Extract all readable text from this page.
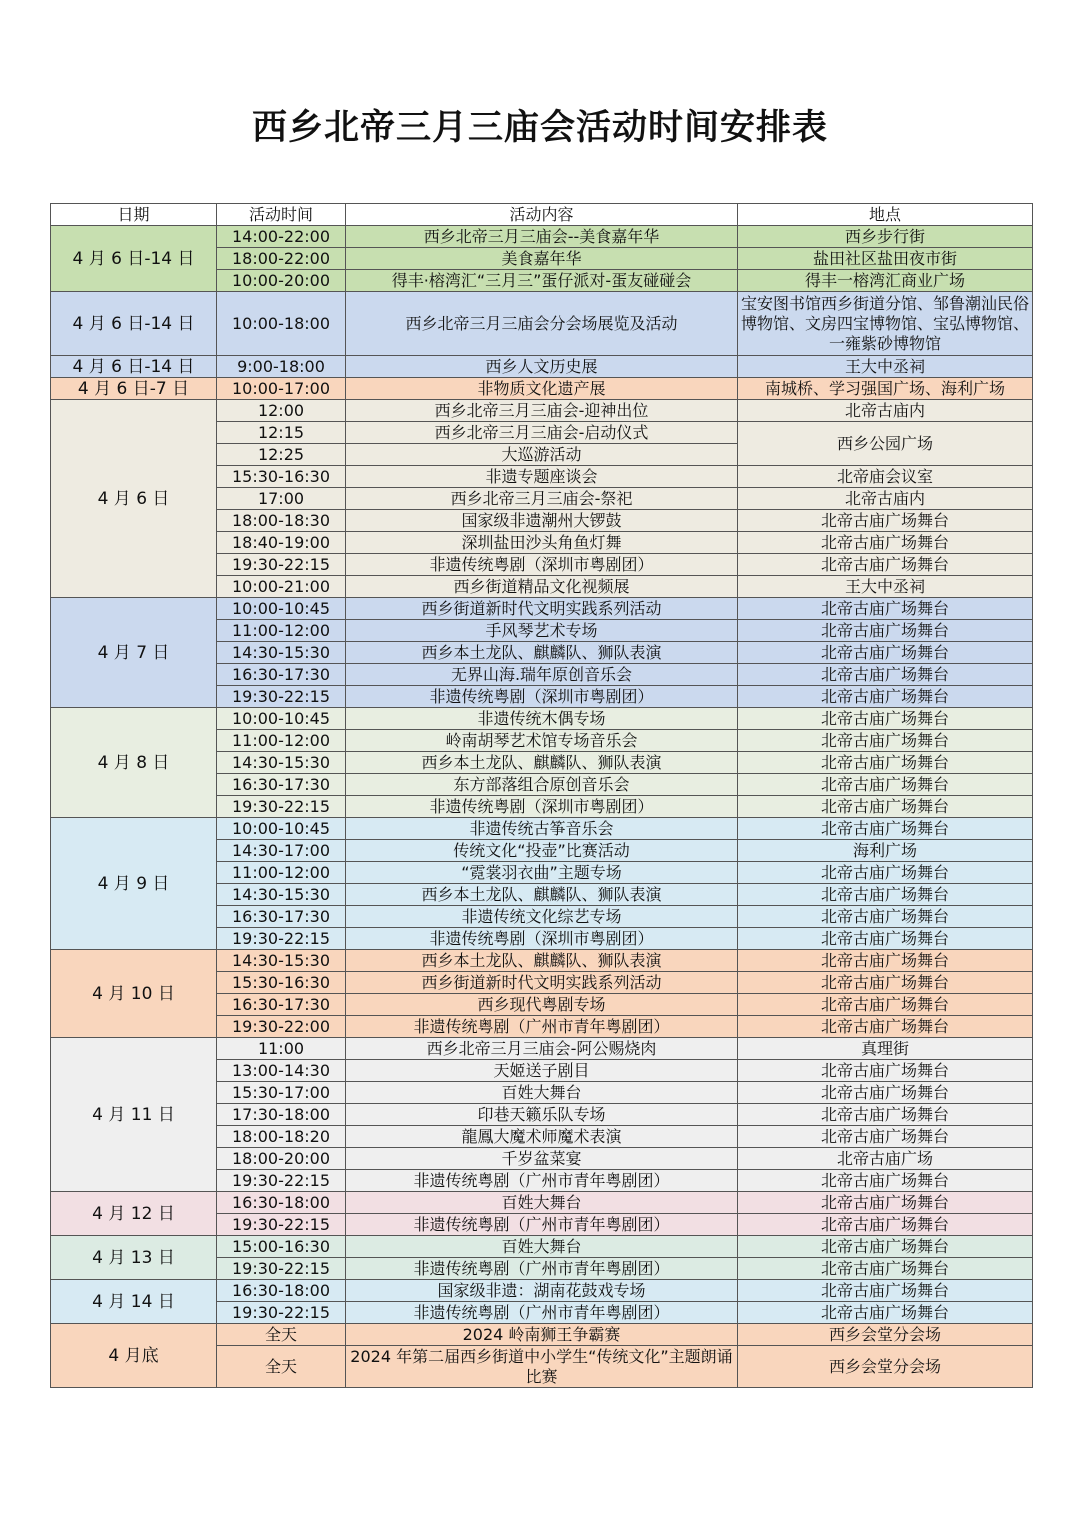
西乡北帝三月三庙会活动时间安排表
日期	活动时间	活动内容	地点
4 月 6 日-14 日	14:00-22:00	西乡北帝三月三庙会--美食嘉年华	西乡步行街
	18:00-22:00	美食嘉年华	盐田社区盐田夜市街
	10:00-20:00	得丰·榕湾汇“三月三”蛋仔派对-蛋友碰碰会	得丰一榕湾汇商业广场
4 月 6 日-14 日	10:00-18:00	西乡北帝三月三庙会分会场展览及活动	宝安图书馆西乡街道分馆、邹鲁潮汕民俗博物馆、文房四宝博物馆、宝弘博物馆、一雍紫砂博物馆
4 月 6 日-14 日	9:00-18:00	西乡人文历史展	王大中丞祠
4 月 6 日-7 日	10:00-17:00	非物质文化遗产展	南城桥、学习强国广场、海利广场
4 月 6 日	12:00	西乡北帝三月三庙会-迎神出位	北帝古庙内
	12:15	西乡北帝三月三庙会-启动仪式	西乡公园广场
	12:25	大巡游活动	
	15:30-16:30	非遗专题座谈会	北帝庙会议室
	17:00	西乡北帝三月三庙会-祭祀	北帝古庙内
	18:00-18:30	国家级非遗潮州大锣鼓	北帝古庙广场舞台
	18:40-19:00	深圳盐田沙头角鱼灯舞	北帝古庙广场舞台
	19:30-22:15	非遗传统粤剧（深圳市粤剧团）	北帝古庙广场舞台
	10:00-21:00	西乡街道精品文化视频展	王大中丞祠
4 月 7 日	10:00-10:45	西乡街道新时代文明实践系列活动	北帝古庙广场舞台
	11:00-12:00	手风琴艺术专场	北帝古庙广场舞台
	14:30-15:30	西乡本土龙队、麒麟队、狮队表演	北帝古庙广场舞台
	16:30-17:30	无界山海.瑞年原创音乐会	北帝古庙广场舞台
	19:30-22:15	非遗传统粤剧（深圳市粤剧团）	北帝古庙广场舞台
4 月 8 日	10:00-10:45	非遗传统木偶专场	北帝古庙广场舞台
	11:00-12:00	岭南胡琴艺术馆专场音乐会	北帝古庙广场舞台
	14:30-15:30	西乡本土龙队、麒麟队、狮队表演	北帝古庙广场舞台
	16:30-17:30	东方部落组合原创音乐会	北帝古庙广场舞台
	19:30-22:15	非遗传统粤剧（深圳市粤剧团）	北帝古庙广场舞台
4 月 9 日	10:00-10:45	非遗传统古筝音乐会	北帝古庙广场舞台
	14:30-17:00	传统文化“投壶”比赛活动	海利广场
	11:00-12:00	“霓裳羽衣曲”主题专场	北帝古庙广场舞台
	14:30-15:30	西乡本土龙队、麒麟队、狮队表演	北帝古庙广场舞台
	16:30-17:30	非遗传统文化综艺专场	北帝古庙广场舞台
	19:30-22:15	非遗传统粤剧（深圳市粤剧团）	北帝古庙广场舞台
4 月 10 日	14:30-15:30	西乡本土龙队、麒麟队、狮队表演	北帝古庙广场舞台
	15:30-16:30	西乡街道新时代文明实践系列活动	北帝古庙广场舞台
	16:30-17:30	西乡现代粤剧专场	北帝古庙广场舞台
	19:30-22:00	非遗传统粤剧（广州市青年粤剧团）	北帝古庙广场舞台
4 月 11 日	11:00	西乡北帝三月三庙会-阿公赐烧肉	真理街
	13:00-14:30	天姬送子剧目	北帝古庙广场舞台
	15:30-17:00	百姓大舞台	北帝古庙广场舞台
	17:30-18:00	印巷天籁乐队专场	北帝古庙广场舞台
	18:00-18:20	龍鳳大魔术师魔术表演	北帝古庙广场舞台
	18:00-20:00	千岁盆菜宴	北帝古庙广场
	19:30-22:15	非遗传统粤剧（广州市青年粤剧团）	北帝古庙广场舞台
4 月 12 日	16:30-18:00	百姓大舞台	北帝古庙广场舞台
	19:30-22:15	非遗传统粤剧（广州市青年粤剧团）	北帝古庙广场舞台
4 月 13 日	15:00-16:30	百姓大舞台	北帝古庙广场舞台
	19:30-22:15	非遗传统粤剧（广州市青年粤剧团）	北帝古庙广场舞台
4 月 14 日	16:30-18:00	国家级非遗：湖南花鼓戏专场	北帝古庙广场舞台
	19:30-22:15	非遗传统粤剧（广州市青年粤剧团）	北帝古庙广场舞台
4 月底	全天	2024 岭南狮王争霸赛	西乡会堂分会场
	全天	2024 年第二届西乡街道中小学生“传统文化”主题朗诵比赛	西乡会堂分会场
